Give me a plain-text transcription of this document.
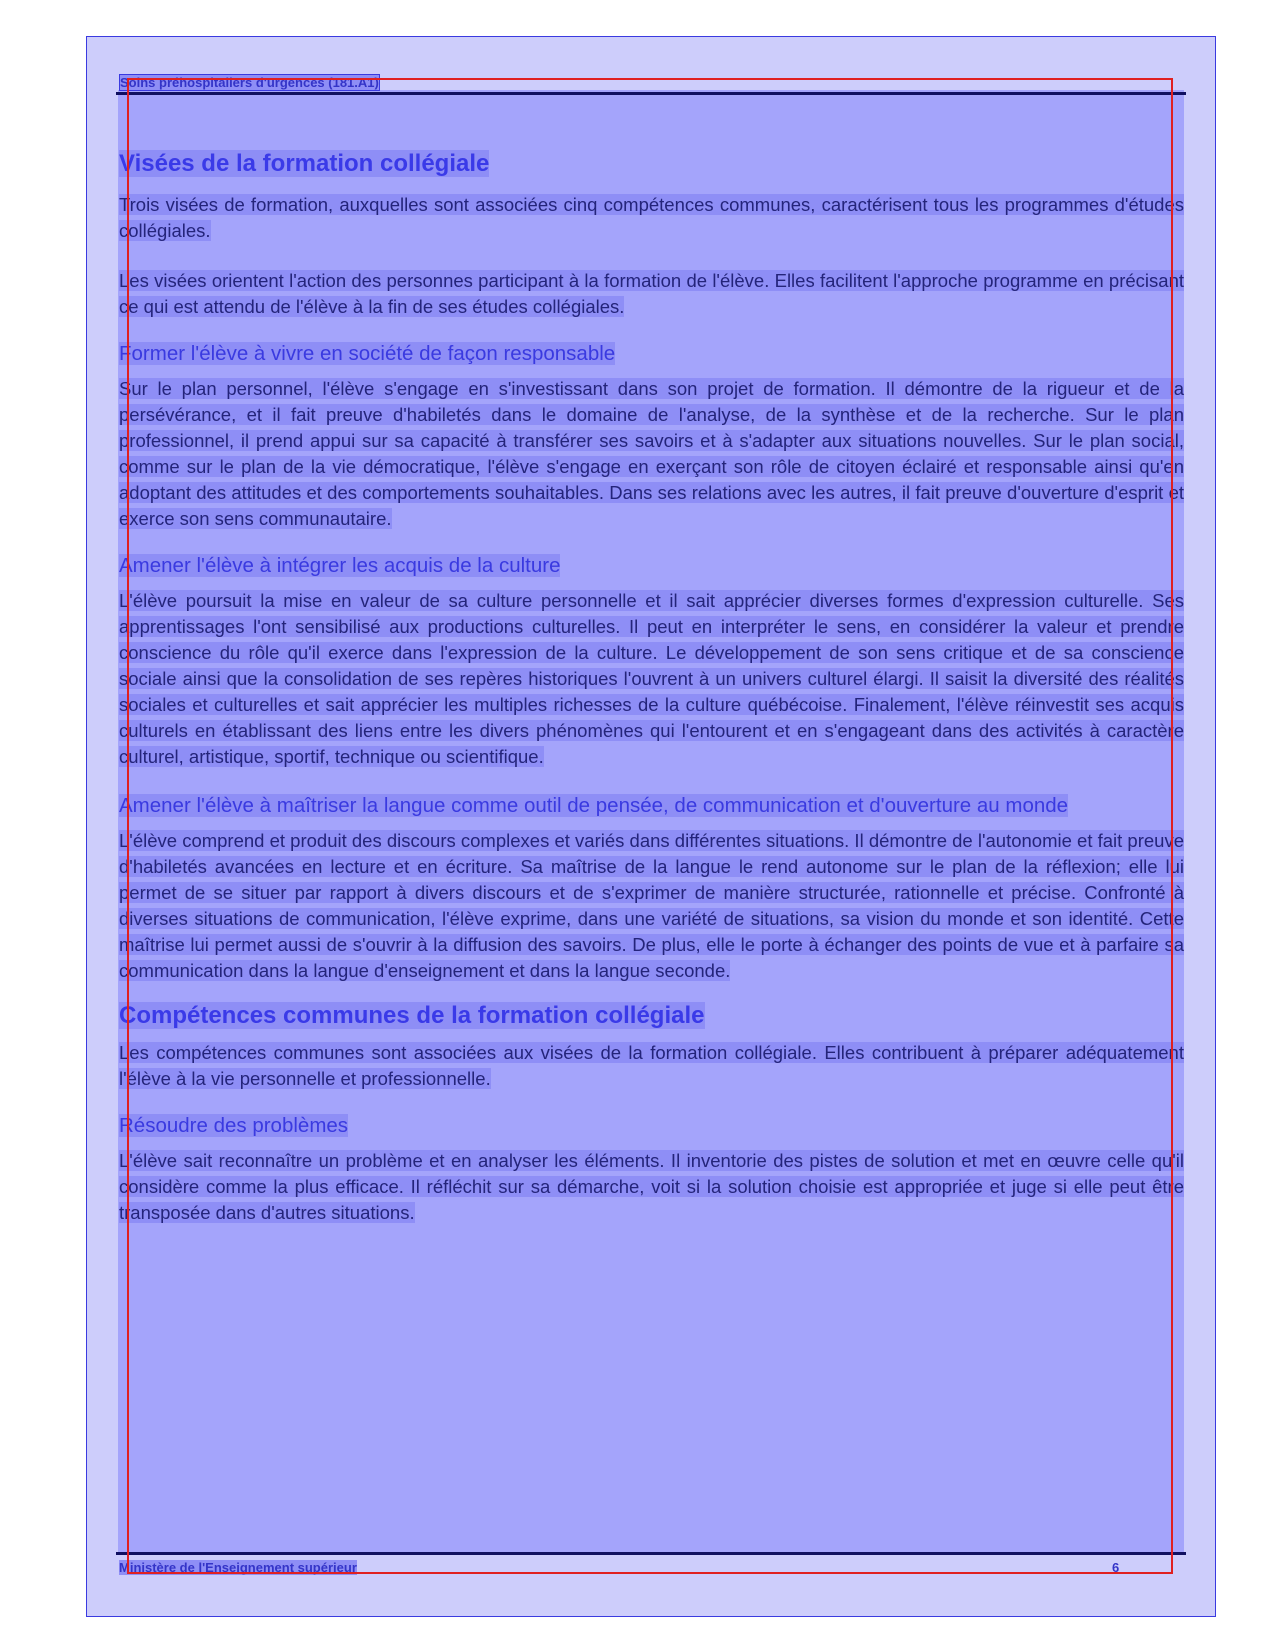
Soins préhospitaliers d'urgences (181.A1)
Visées de la formation collégiale
Trois visées de formation, auxquelles sont associées cinq compétences communes, caractérisent tous les programmes d'études collégiales.
Les visées orientent l'action des personnes participant à la formation de l'élève. Elles facilitent l'approche programme en précisant ce qui est attendu de l'élève à la fin de ses études collégiales.
Former l'élève à vivre en société de façon responsable
Sur le plan personnel, l'élève s'engage en s'investissant dans son projet de formation. Il démontre de la rigueur et de la persévérance, et il fait preuve d'habiletés dans le domaine de l'analyse, de la synthèse et de la recherche. Sur le plan professionnel, il prend appui sur sa capacité à transférer ses savoirs et à s'adapter aux situations nouvelles. Sur le plan social, comme sur le plan de la vie démocratique, l'élève s'engage en exerçant son rôle de citoyen éclairé et responsable ainsi qu'en adoptant des attitudes et des comportements souhaitables. Dans ses relations avec les autres, il fait preuve d'ouverture d'esprit et exerce son sens communautaire.
Amener l'élève à intégrer les acquis de la culture
L'élève poursuit la mise en valeur de sa culture personnelle et il sait apprécier diverses formes d'expression culturelle. Ses apprentissages l'ont sensibilisé aux productions culturelles. Il peut en interpréter le sens, en considérer la valeur et prendre conscience du rôle qu'il exerce dans l'expression de la culture. Le développement de son sens critique et de sa conscience sociale ainsi que la consolidation de ses repères historiques l'ouvrent à un univers culturel élargi. Il saisit la diversité des réalités sociales et culturelles et sait apprécier les multiples richesses de la culture québécoise. Finalement, l'élève réinvestit ses acquis culturels en établissant des liens entre les divers phénomènes qui l'entourent et en s'engageant dans des activités à caractère culturel, artistique, sportif, technique ou scientifique.
Amener l'élève à maîtriser la langue comme outil de pensée, de communication et d'ouverture au monde
L'élève comprend et produit des discours complexes et variés dans différentes situations. Il démontre de l'autonomie et fait preuve d'habiletés avancées en lecture et en écriture. Sa maîtrise de la langue le rend autonome sur le plan de la réflexion; elle lui permet de se situer par rapport à divers discours et de s'exprimer de manière structurée, rationnelle et précise. Confronté à diverses situations de communication, l'élève exprime, dans une variété de situations, sa vision du monde et son identité. Cette maîtrise lui permet aussi de s'ouvrir à la diffusion des savoirs. De plus, elle le porte à échanger des points de vue et à parfaire sa communication dans la langue d'enseignement et dans la langue seconde.
Compétences communes de la formation collégiale
Les compétences communes sont associées aux visées de la formation collégiale. Elles contribuent à préparer adéquatement l'élève à la vie personnelle et professionnelle.
Résoudre des problèmes
L'élève sait reconnaître un problème et en analyser les éléments. Il inventorie des pistes de solution et met en œuvre celle qu'il considère comme la plus efficace. Il réfléchit sur sa démarche, voit si la solution choisie est appropriée et juge si elle peut être transposée dans d'autres situations.
Ministère de l'Enseignement supérieur	6
